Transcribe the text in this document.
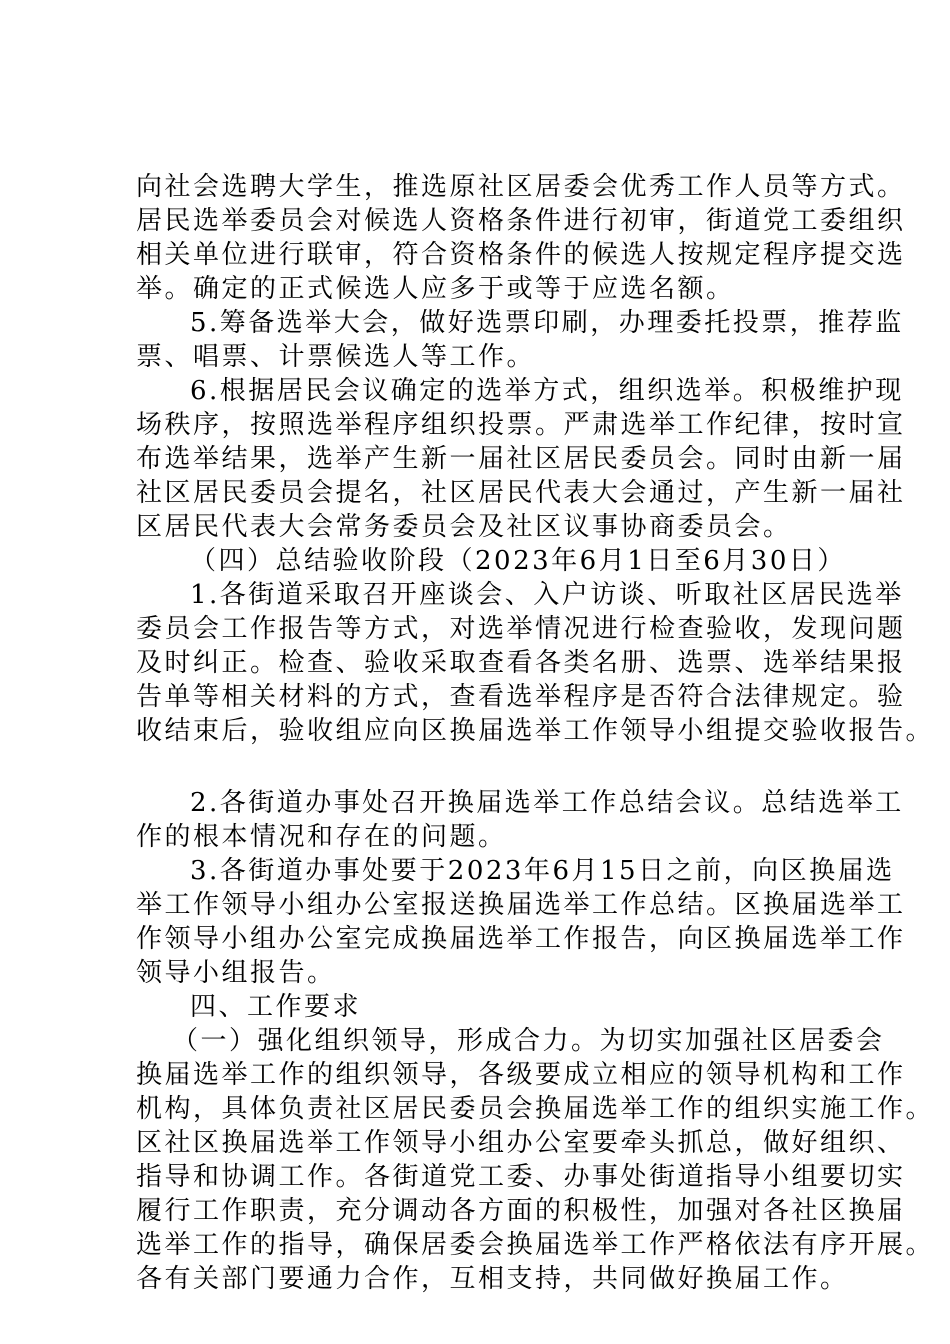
向社会选聘大学生，推选原社区居委会优秀工作人员等方式。

居民选举委员会对候选人资格条件进行初审，街道党工委组织

相关单位进行联审，符合资格条件的候选人按规定程序提交选

举。确定的正式候选人应多于或等于应选名额。

5.筹备选举大会，做好选票印刷，办理委托投票，推荐监

票、唱票、计票候选人等工作。

6.根据居民会议确定的选举方式，组织选举。积极维护现

场秩序，按照选举程序组织投票。严肃选举工作纪律，按时宣

布选举结果，选举产生新一届社区居民委员会。同时由新一届

社区居民委员会提名，社区居民代表大会通过，产生新一届社

区居民代表大会常务委员会及社区议事协商委员会。

（四）总结验收阶段（2023年6月1日至6月30日）

1.各街道采取召开座谈会、入户访谈、听取社区居民选举

委员会工作报告等方式，对选举情况进行检查验收，发现问题

及时纠正。检查、验收采取查看各类名册、选票、选举结果报

告单等相关材料的方式，查看选举程序是否符合法律规定。验

收结束后，验收组应向区换届选举工作领导小组提交验收报告。

2.各街道办事处召开换届选举工作总结会议。总结选举工

作的根本情况和存在的问题。

3.各街道办事处要于2023年6月15日之前，向区换届选

举工作领导小组办公室报送换届选举工作总结。区换届选举工

作领导小组办公室完成换届选举工作报告，向区换届选举工作

领导小组报告。

四、工作要求

（一）强化组织领导，形成合力。为切实加强社区居委会

换届选举工作的组织领导，各级要成立相应的领导机构和工作

机构，具体负责社区居民委员会换届选举工作的组织实施工作。

区社区换届选举工作领导小组办公室要牵头抓总，做好组织、

指导和协调工作。各街道党工委、办事处街道指导小组要切实

履行工作职责，充分调动各方面的积极性，加强对各社区换届

选举工作的指导，确保居委会换届选举工作严格依法有序开展。

各有关部门要通力合作，互相支持，共同做好换届工作。
